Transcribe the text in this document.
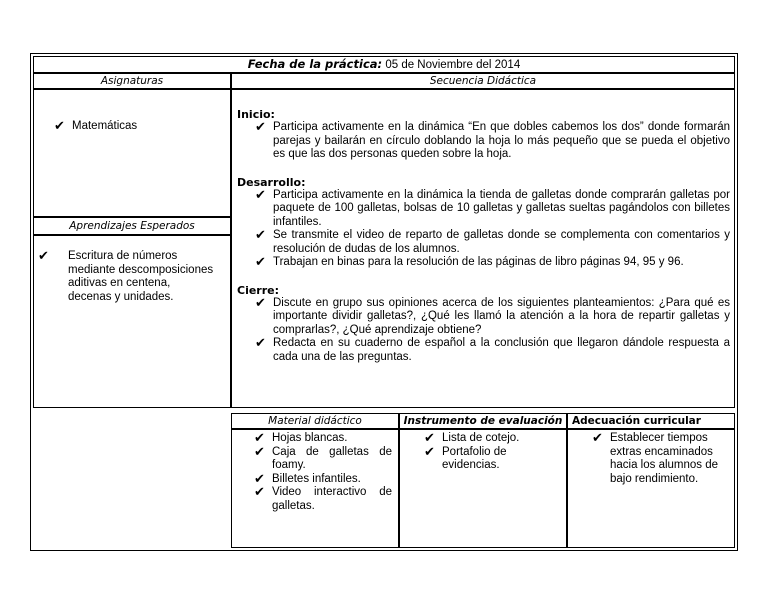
Fecha de la práctica: 05 de Noviembre del 2014
Asignaturas	Secuencia Didáctica
✔ Matemáticas
Aprendizajes Esperados
✔ Escritura de números mediante descomposiciones aditivas en centena, decenas y unidades.

Inicio:

✔ Participa activamente en la dinámica “En que dobles cabemos los dos” donde formarán parejas y bailarán en círculo doblando la hoja lo más pequeño que se pueda el objetivo es que las dos personas queden sobre la hoja.

Desarrollo:

✔ Participa activamente en la dinámica la tienda de galletas donde comprarán galletas por paquete de 100 galletas, bolsas de 10 galletas y galletas sueltas pagándolos con billetes infantiles.
✔ Se transmite el video de reparto de galletas donde se complementa con comentarios y resolución de dudas de los alumnos.
✔ Trabajan en binas para la resolución de las páginas de libro páginas 94, 95 y 96.

Cierre:

✔ Discute en grupo sus opiniones acerca de los siguientes planteamientos: ¿Para qué es importante dividir galletas?, ¿Qué les llamó la atención a la hora de repartir galletas y comprarlas?, ¿Qué aprendizaje obtiene?
✔ Redacta en su cuaderno de español a la conclusión que llegaron dándole respuesta a cada una de las preguntas.
Material didáctico	Instrumento de evaluación Adecuación curricular
✔ Hojas blancas.
✔ Caja de galletas de foamy.
✔ Billetes infantiles.
✔ Video interactivo de galletas.
✔ Lista de cotejo.
✔ Portafolio de evidencias.
✔ Establecer tiempos extras encaminados hacia los alumnos de bajo rendimiento.
